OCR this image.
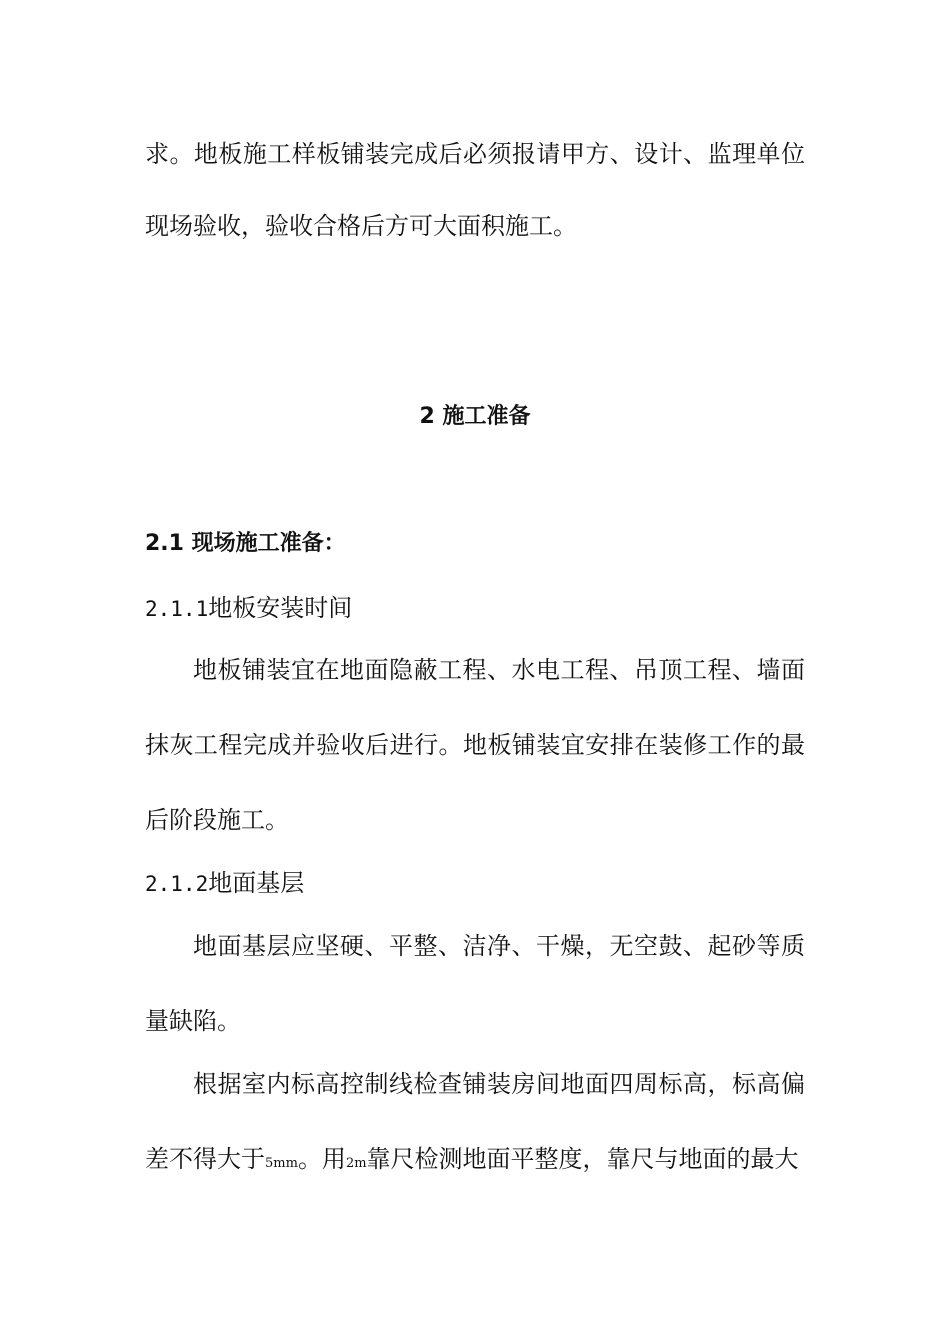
求。地板施工样板铺装完成后必须报请甲方、设计、监理单位
现场验收，验收合格后方可大面积施工。
2 施工准备
2.1 现场施工准备：
2.1.1地板安装时间
地板铺装宜在地面隐蔽工程、水电工程、吊顶工程、墙面
抹灰工程完成并验收后进行。地板铺装宜安排在装修工作的最
后阶段施工。
2.1.2地面基层
地面基层应坚硬、平整、洁净、干燥，无空鼓、起砂等质
量缺陷。
根据室内标高控制线检查铺装房间地面四周标高，标高偏
差不得大于5mm。用2m靠尺检测地面平整度，靠尺与地面的最大
